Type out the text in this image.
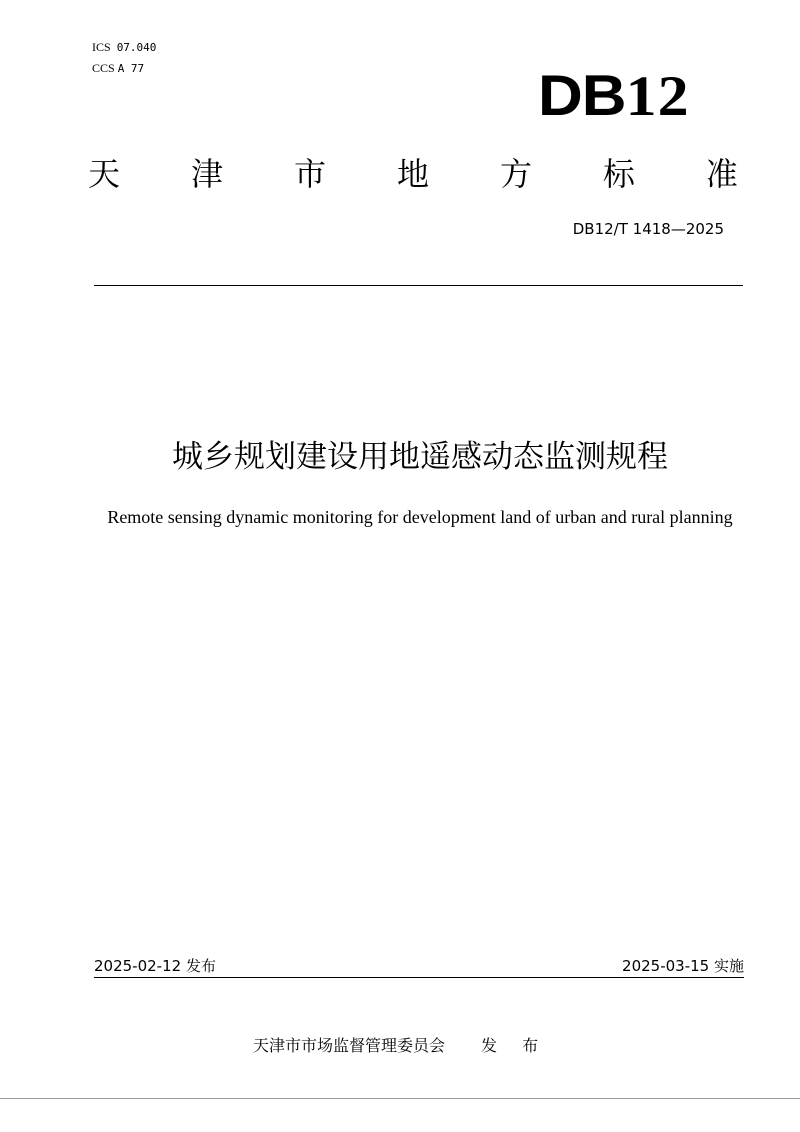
ICS 07.040
CCS A 77	DB12
天 津 市 地 方 标 准
DB12/T 1418—2025
城乡规划建设用地遥感动态监测规程
Remote sensing dynamic monitoring for development land of urban and rural planning
2025-02-12 发布	2025-03-15 实施
天津市市场监督管理委员会 发 布
